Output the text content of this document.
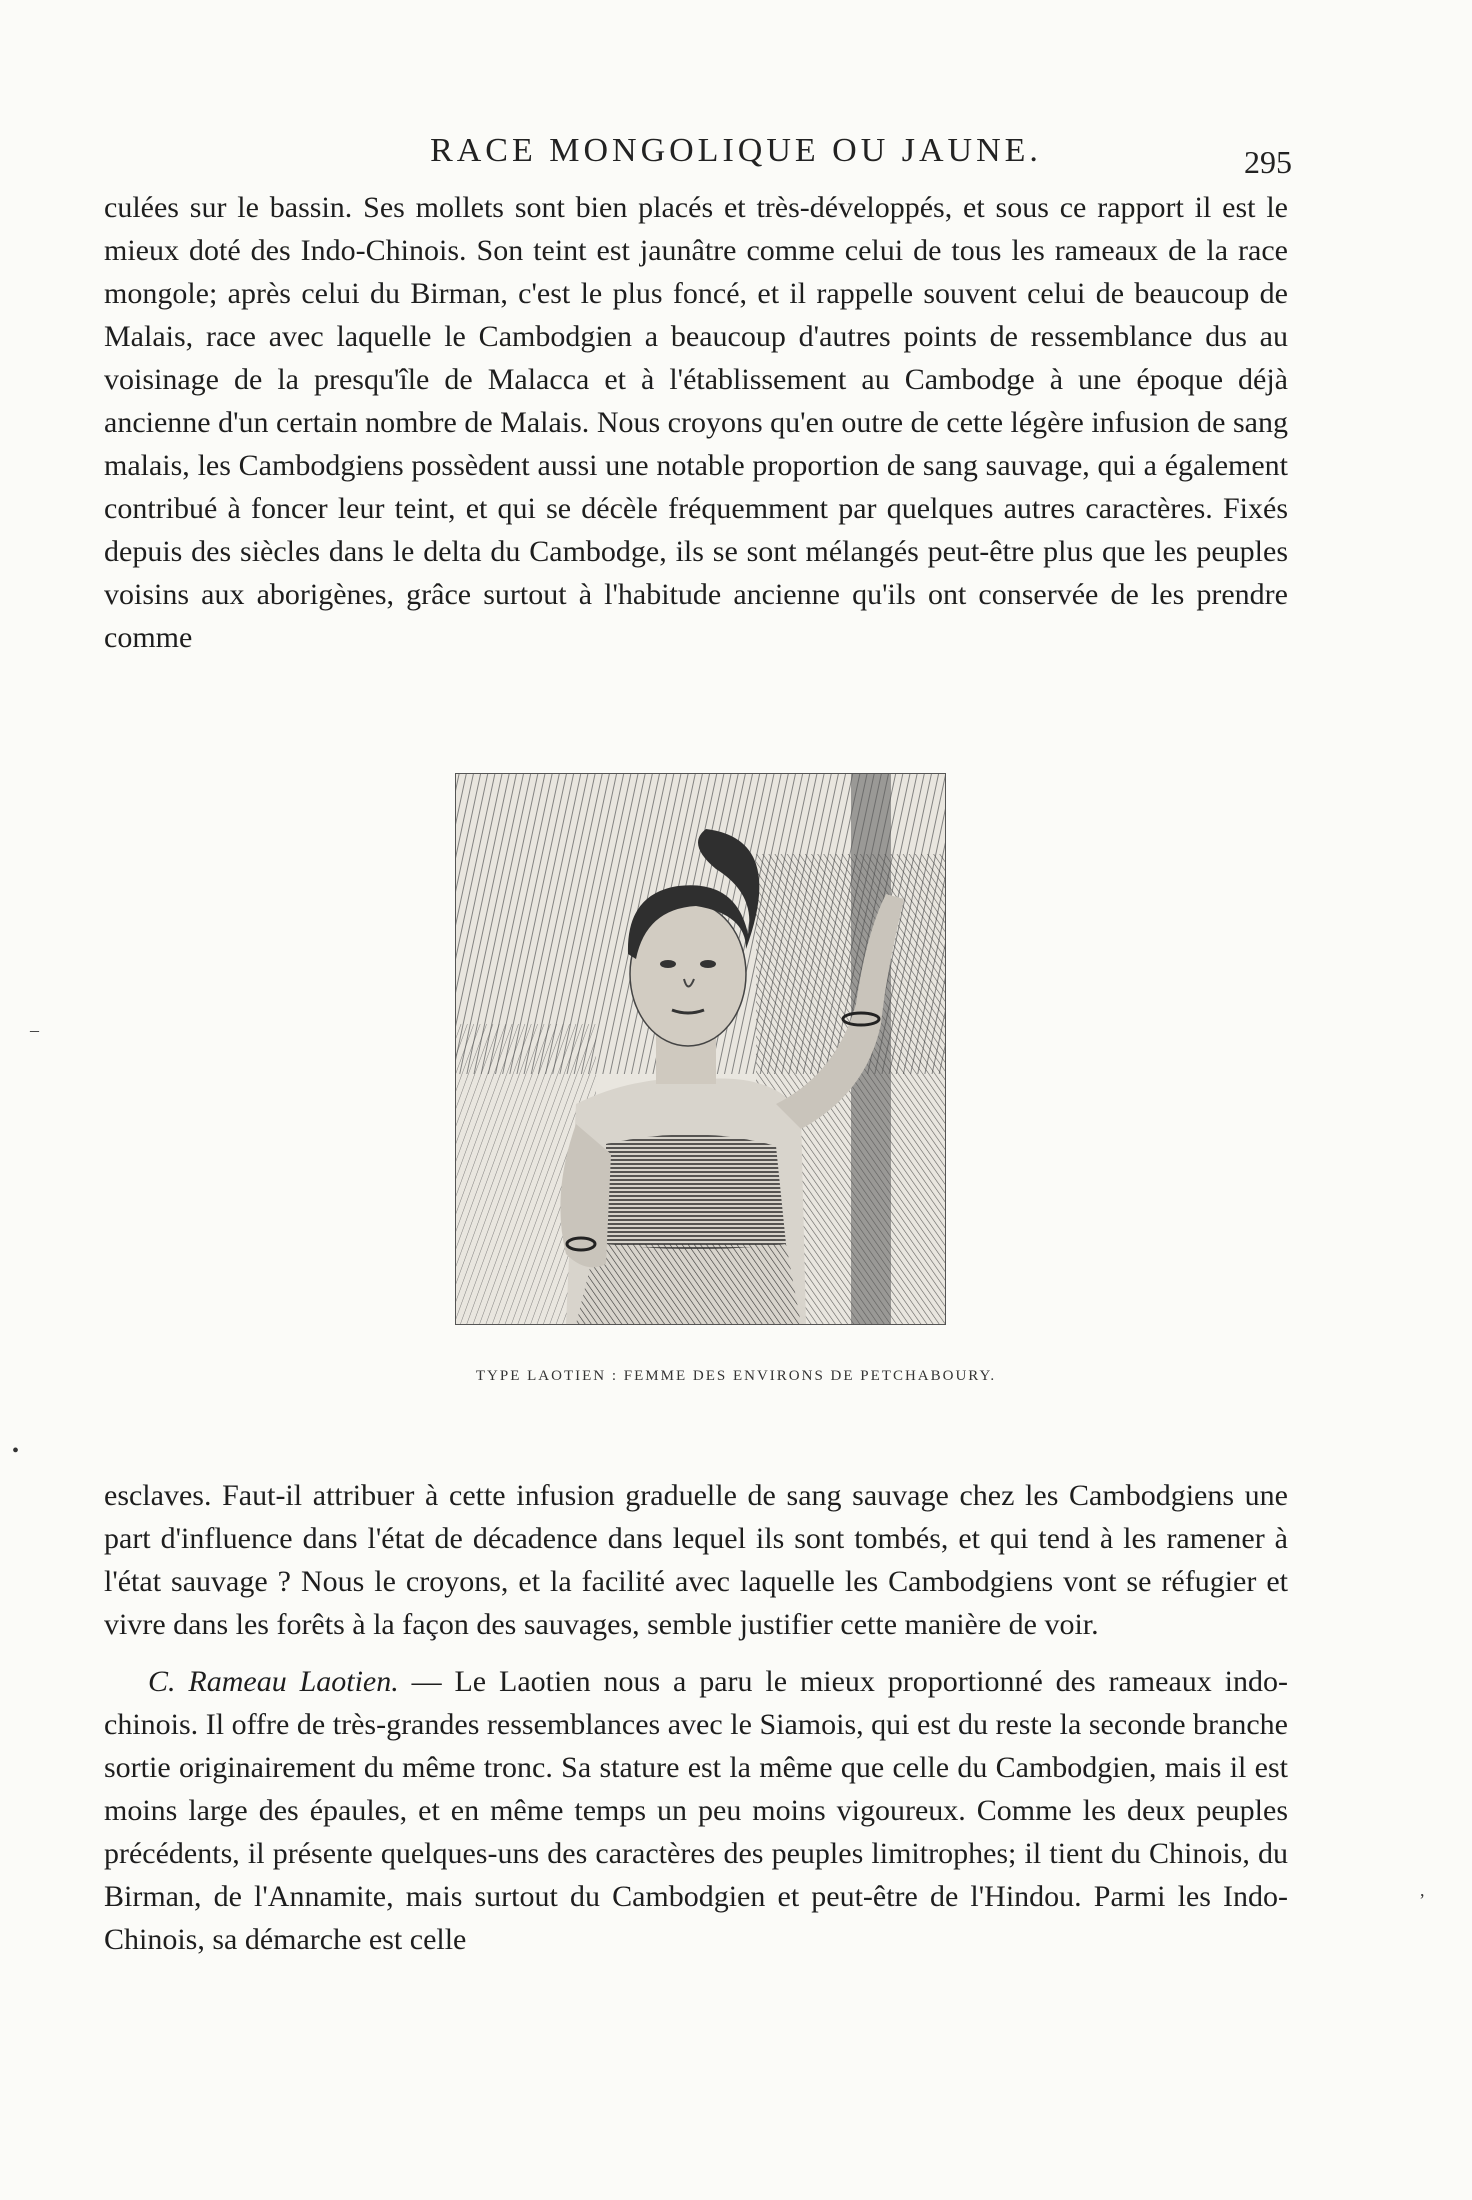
RACE MONGOLIQUE OU JAUNE.	295

culées sur le bassin. Ses mollets sont bien placés et très-développés, et sous ce rapport il est le mieux doté des Indo-Chinois. Son teint est jaunâtre comme celui de tous les rameaux de la race mongole; après celui du Birman, c'est le plus foncé, et il rappelle souvent celui de beaucoup de Malais, race avec laquelle le Cambodgien a beaucoup d'autres points de ressemblance dus au voisinage de la presqu'île de Malacca et à l'établissement au Cambodge à une époque déjà ancienne d'un certain nombre de Malais. Nous croyons qu'en outre de cette légère infusion de sang malais, les Cambodgiens possèdent aussi une notable proportion de sang sauvage, qui a également contribué à foncer leur teint, et qui se décèle fréquemment par quelques autres caractères. Fixés depuis des siècles dans le delta du Cambodge, ils se sont mélangés peut-être plus que les peuples voisins aux aborigènes, grâce surtout à l'habitude ancienne qu'ils ont conservée de les prendre comme

TYPE LAOTIEN : FEMME DES ENVIRONS DE PETCHABOURY.
–
•
,

esclaves. Faut-il attribuer à cette infusion graduelle de sang sauvage chez les Cambodgiens une part d'influence dans l'état de décadence dans lequel ils sont tombés, et qui tend à les ramener à l'état sauvage ? Nous le croyons, et la facilité avec laquelle les Cambodgiens vont se réfugier et vivre dans les forêts à la façon des sauvages, semble justifier cette manière de voir.

C. Rameau Laotien. — Le Laotien nous a paru le mieux proportionné des rameaux indo-chinois. Il offre de très-grandes ressemblances avec le Siamois, qui est du reste la seconde branche sortie originairement du même tronc. Sa stature est la même que celle du Cambodgien, mais il est moins large des épaules, et en même temps un peu moins vigoureux. Comme les deux peuples précédents, il présente quelques-uns des caractères des peuples limitrophes; il tient du Chinois, du Birman, de l'Annamite, mais surtout du Cambodgien et peut-être de l'Hindou. Parmi les Indo-Chinois, sa démarche est celle
